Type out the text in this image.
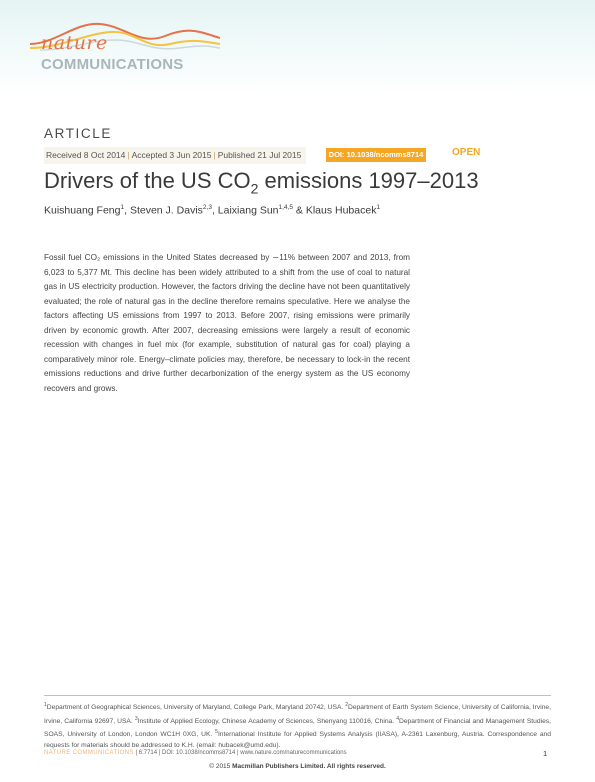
nature
COMMUNICATIONS
ARTICLE
Received 8 Oct 2014 | Accepted 3 Jun 2015 | Published 21 Jul 2015	DOI: 10.1038/ncomms8714	OPEN
Drivers of the US $CO_2$ emissions 1997–2013
Kuishuang Feng$^1$, Steven J. Davis$^{2,3}$, Laixiang Sun$^{1,4,5}$ & Klaus Hubacek$^1$
Fossil fuel CO₂ emissions in the United States decreased by ∼11% between 2007 and 2013, from 6,023 to 5,377 Mt. This decline has been widely attributed to a shift from the use of coal to natural gas in US electricity production. However, the factors driving the decline have not been quantitatively evaluated; the role of natural gas in the decline therefore remains speculative. Here we analyse the factors affecting US emissions from 1997 to 2013. Before 2007, rising emissions were primarily driven by economic growth. After 2007, decreasing emissions were largely a result of economic recession with changes in fuel mix (for example, substitution of natural gas for coal) playing a comparatively minor role. Energy–climate policies may, therefore, be necessary to lock-in the recent emissions reductions and drive further decarbonization of the energy system as the US economy recovers and grows.
$^1$Department of Geographical Sciences, University of Maryland, College Park, Maryland 20742, USA. $^2$Department of Earth System Science, University of California, Irvine, Irvine, California 92697, USA. $^3$Institute of Applied Ecology, Chinese Academy of Sciences, Shenyang 110016, China. $^4$Department of Financial and Management Studies, SOAS, University of London, London WC1H 0XG, UK. $^5$International Institute for Applied Systems Analysis (IIASA), A-2361 Laxenburg, Austria. Correspondence and requests for materials should be addressed to K.H. (email: hubacek@umd.edu).
NATURE COMMUNICATIONS | 6:7714 | DOI: 10.1038/ncomms8714 | www.nature.com/naturecommunications	1
© 2015 Macmillan Publishers Limited. All rights reserved.
